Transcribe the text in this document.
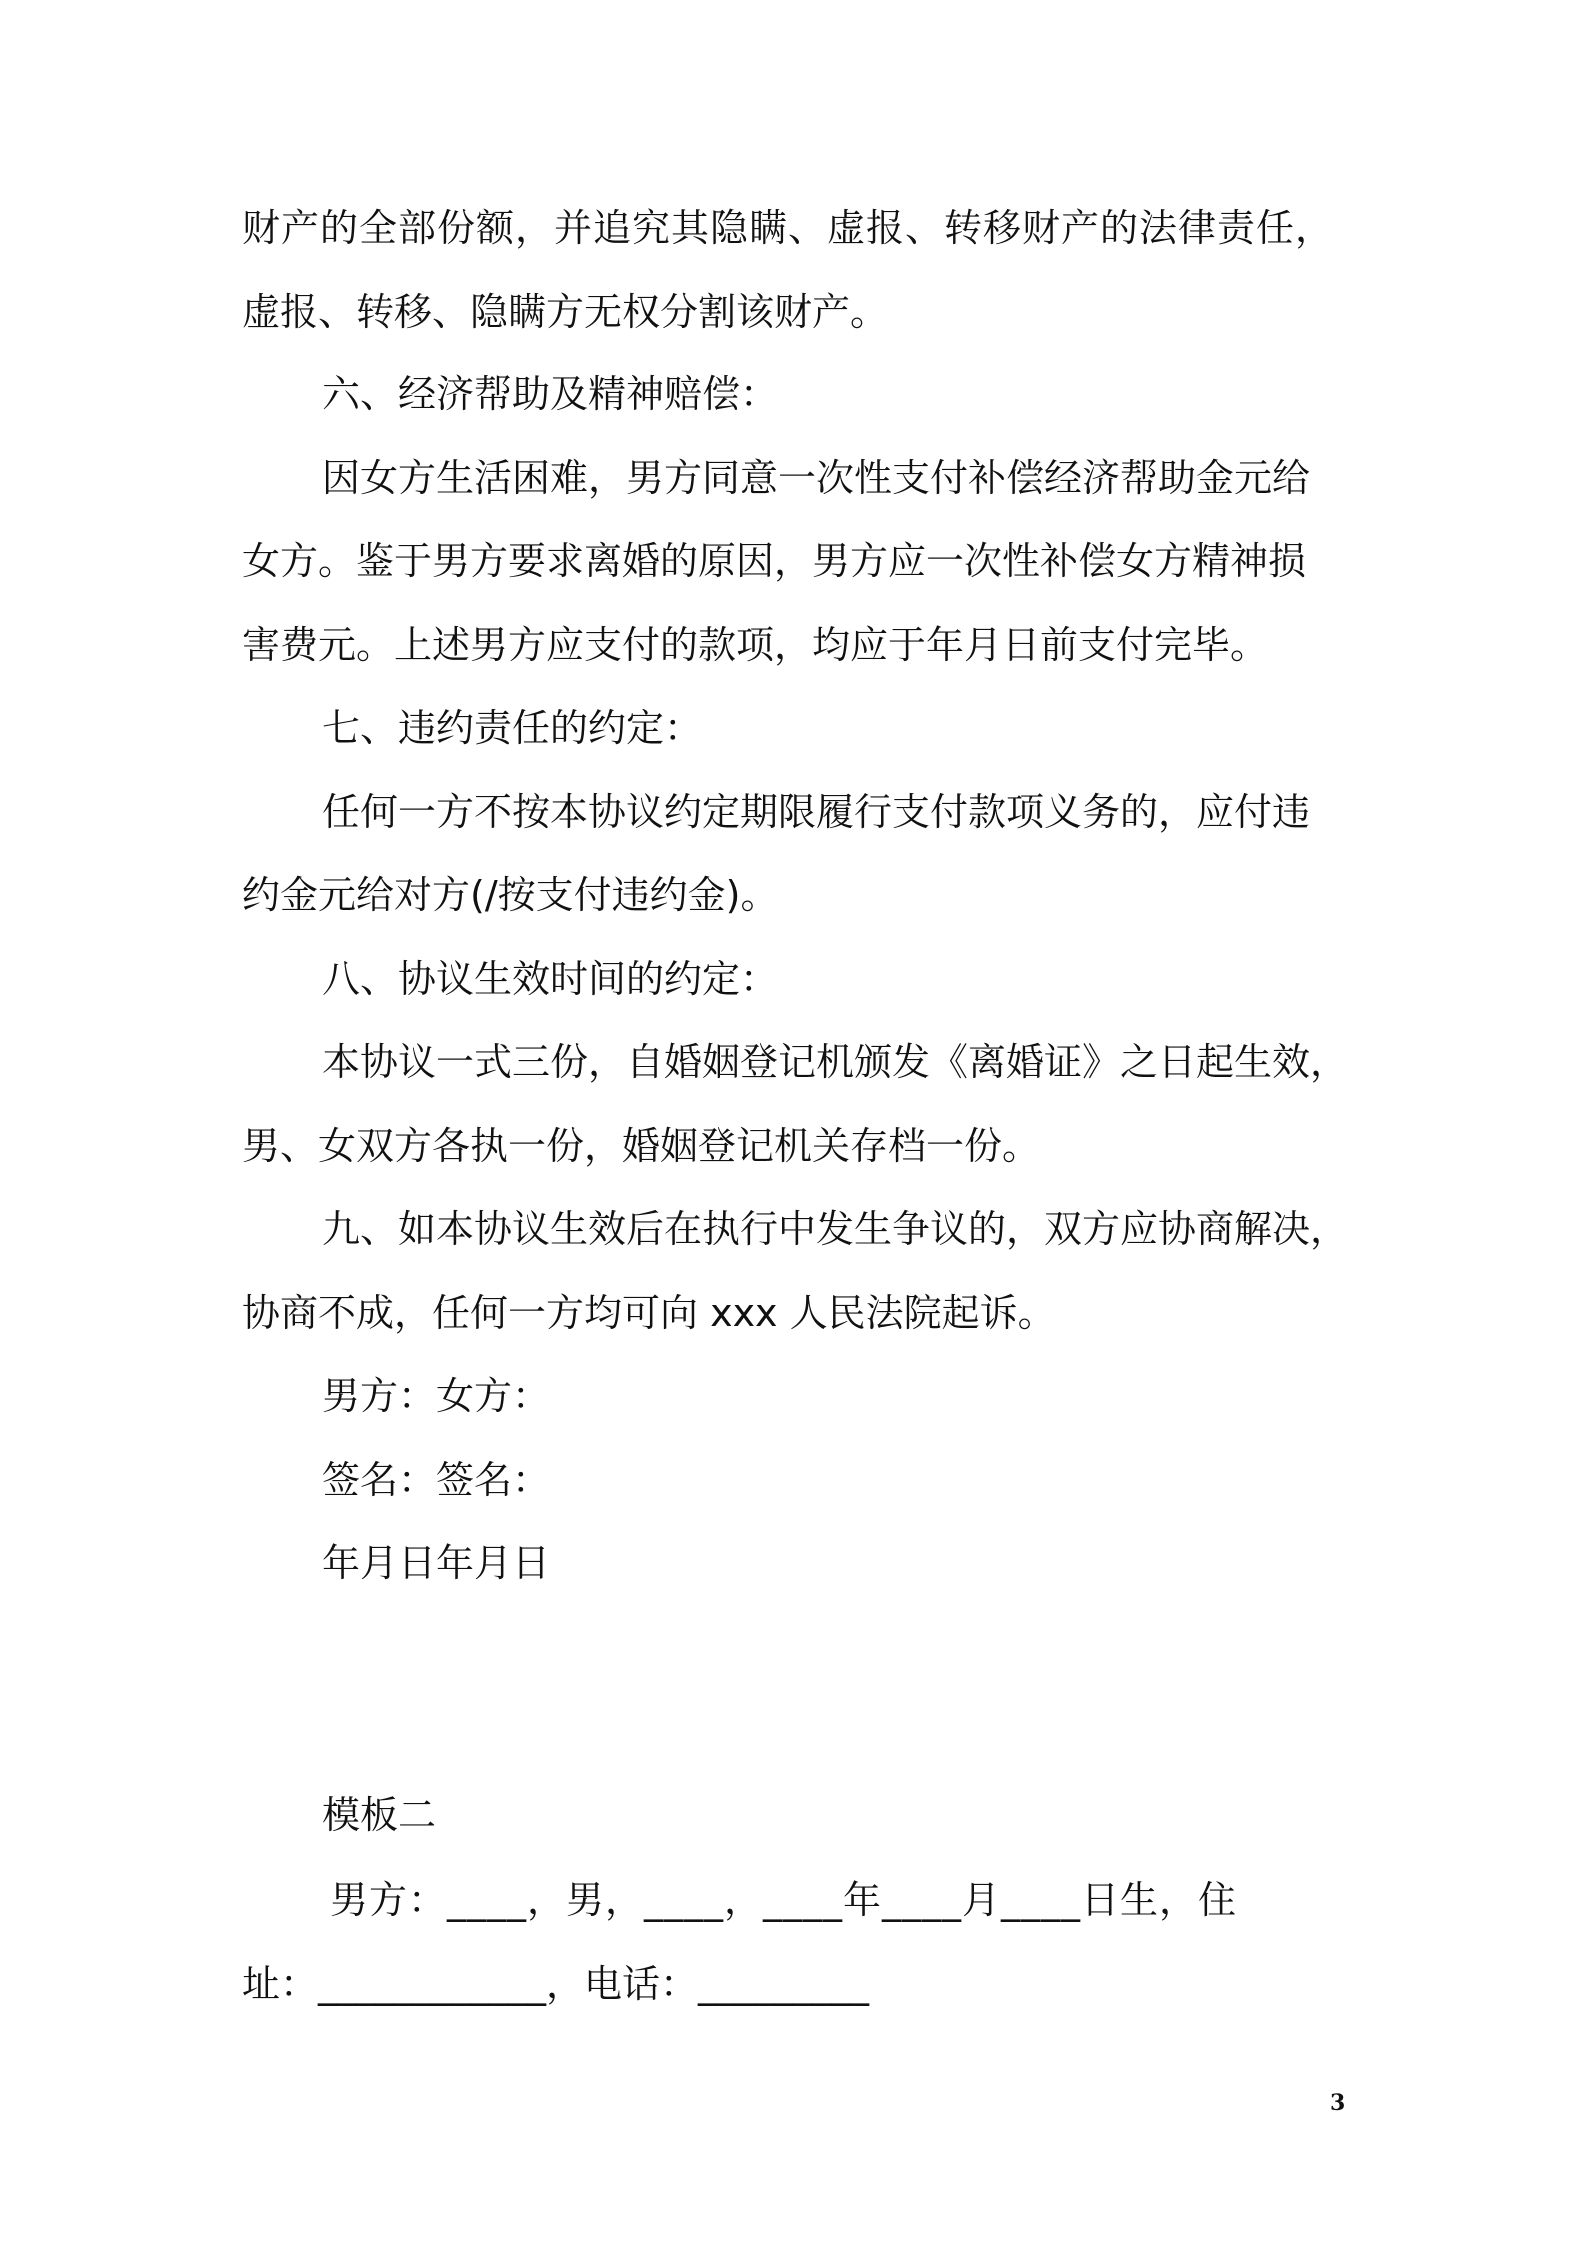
财产的全部份额，并追究其隐瞒、虚报、转移财产的法律责任，
虚报、转移、隐瞒方无权分割该财产。
六、经济帮助及精神赔偿：
因女方生活困难，男方同意一次性支付补偿经济帮助金元给
女方。鉴于男方要求离婚的原因，男方应一次性补偿女方精神损
害费元。上述男方应支付的款项，均应于年月日前支付完毕。
七、违约责任的约定：
任何一方不按本协议约定期限履行支付款项义务的，应付违
约金元给对方(/按支付违约金)。
八、协议生效时间的约定：
本协议一式三份，自婚姻登记机颁发《离婚证》之日起生效，
男、女双方各执一份，婚姻登记机关存档一份。
九、如本协议生效后在执行中发生争议的，双方应协商解决，
协商不成，任何一方均可向 xxx 人民法院起诉。
男方：女方：
签名：签名：
年月日年月日
模板二
男方：____，男，____，____年____月____日生，住
址：____________，电话：_________
3
